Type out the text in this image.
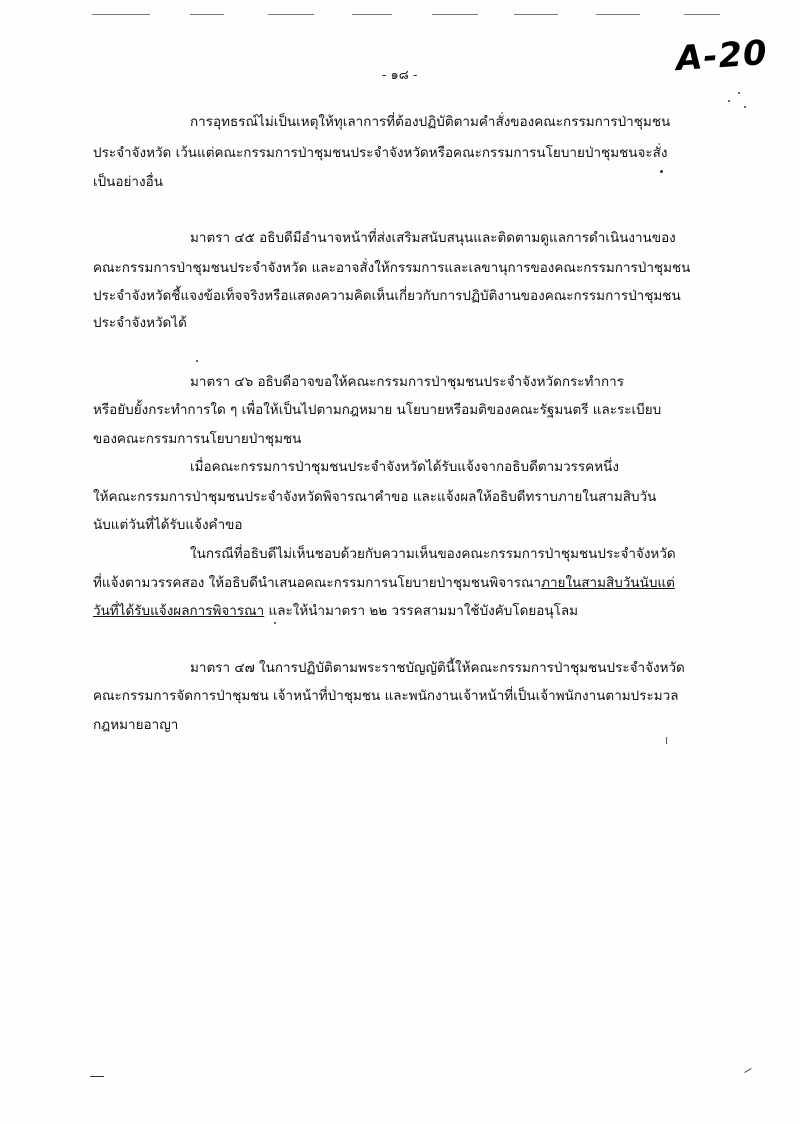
A-20
- ๑๘ -
การอุทธรณ์ไม่เป็นเหตุให้ทุเลาการที่ต้องปฏิบัติตามคำสั่งของคณะกรรมการป่าชุมชน
ประจำจังหวัด เว้นแต่คณะกรรมการป่าชุมชนประจำจังหวัดหรือคณะกรรมการนโยบายป่าชุมชนจะสั่ง
เป็นอย่างอื่น
มาตรา ๔๕ อธิบดีมีอำนาจหน้าที่ส่งเสริมสนับสนุนและติดตามดูแลการดำเนินงานของ
คณะกรรมการป่าชุมชนประจำจังหวัด และอาจสั่งให้กรรมการและเลขานุการของคณะกรรมการป่าชุมชน
ประจำจังหวัดชี้แจงข้อเท็จจริงหรือแสดงความคิดเห็นเกี่ยวกับการปฏิบัติงานของคณะกรรมการป่าชุมชน
ประจำจังหวัดได้
มาตรา ๔๖ อธิบดีอาจขอให้คณะกรรมการป่าชุมชนประจำจังหวัดกระทำการ
หรือยับยั้งกระทำการใด ๆ เพื่อให้เป็นไปตามกฎหมาย นโยบายหรือมติของคณะรัฐมนตรี และระเบียบ
ของคณะกรรมการนโยบายป่าชุมชน
เมื่อคณะกรรมการป่าชุมชนประจำจังหวัดได้รับแจ้งจากอธิบดีตามวรรคหนึ่ง
ให้คณะกรรมการป่าชุมชนประจำจังหวัดพิจารณาคำขอ และแจ้งผลให้อธิบดีทราบภายในสามสิบวัน
นับแต่วันที่ได้รับแจ้งคำขอ
ในกรณีที่อธิบดีไม่เห็นชอบด้วยกับความเห็นของคณะกรรมการป่าชุมชนประจำจังหวัด
ที่แจ้งตามวรรคสอง ให้อธิบดีนำเสนอคณะกรรมการนโยบายป่าชุมชนพิจารณาภายในสามสิบวันนับแต่
วันที่ได้รับแจ้งผลการพิจารณา และให้นำมาตรา ๒๒ วรรคสามมาใช้บังคับโดยอนุโลม
มาตรา ๔๗ ในการปฏิบัติตามพระราชบัญญัตินี้ให้คณะกรรมการป่าชุมชนประจำจังหวัด
คณะกรรมการจัดการป่าชุมชน เจ้าหน้าที่ป่าชุมชน และพนักงานเจ้าหน้าที่เป็นเจ้าพนักงานตามประมวล
กฎหมายอาญา
